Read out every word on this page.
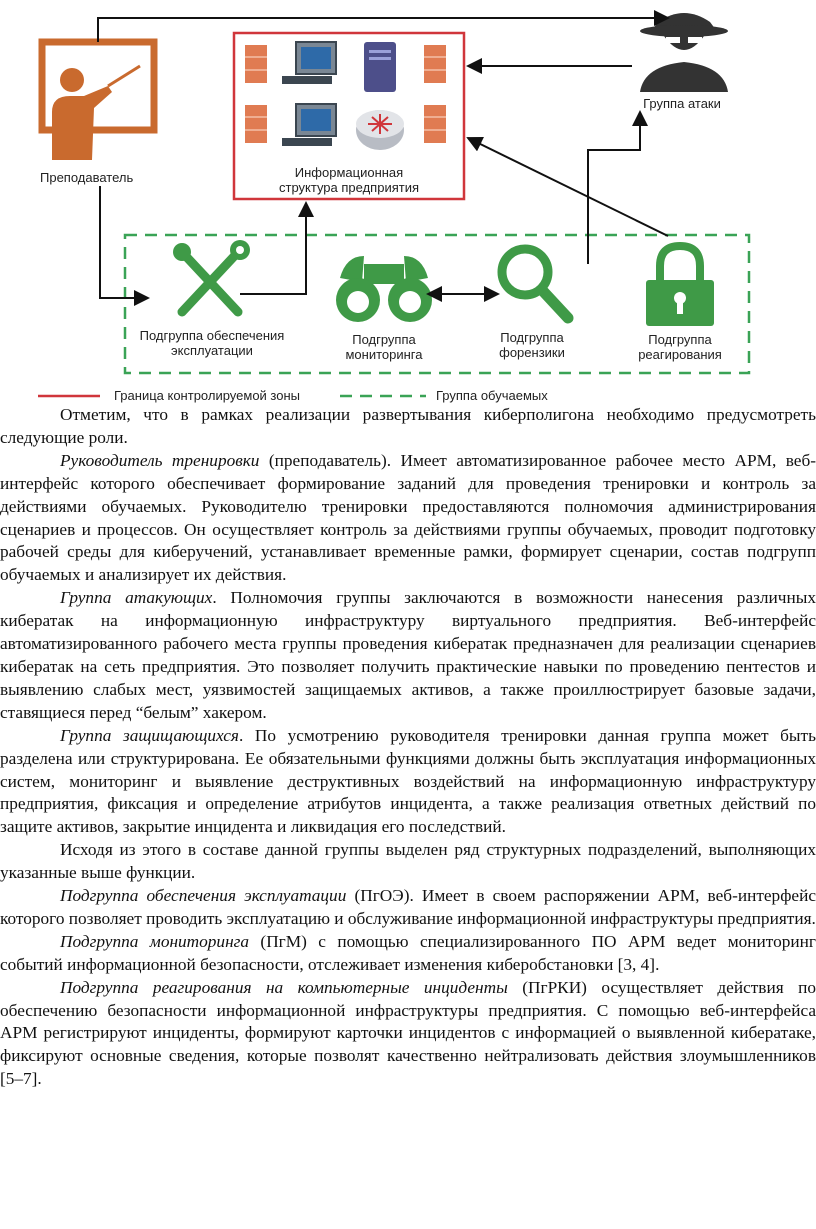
Преподаватель	Информационная
структура предприятия
Группа атаки
Подгруппа обеспечения
эксплуатации
Подгруппа
мониторинга
Подгруппа
форензики
Подгруппа
реагирования
Граница контролируемой зоны	Группа обучаемых

Отметим, что в рамках реализации развертывания киберполигона необходимо предусмотреть следующие роли.

Руководитель тренировки (преподаватель). Имеет автоматизированное рабочее место АРМ, веб-интерфейс которого обеспечивает формирование заданий для проведения тренировки и контроль за действиями обучаемых. Руководителю тренировки предоставляются полномочия администрирования сценариев и процессов. Он осуществляет контроль за действиями группы обучаемых, проводит подготовку рабочей среды для киберучений, устанавливает временные рамки, формирует сценарии, состав подгрупп обучаемых и анализирует их действия.

Группа атакующих. Полномочия группы заключаются в возможности нанесения различных кибератак на информационную инфраструктуру виртуального предприятия. Веб-интерфейс автоматизированного рабочего места группы проведения кибератак предназначен для реализации сценариев кибератак на сеть предприятия. Это позволяет получить практические навыки по проведению пентестов и выявлению слабых мест, уязвимостей защищаемых активов, а также проиллюстрирует базовые задачи, ставящиеся перед “белым” хакером.

Группа защищающихся. По усмотрению руководителя тренировки данная группа может быть разделена или структурирована. Ее обязательными функциями должны быть эксплуатация информационных систем, мониторинг и выявление деструктивных воздействий на информационную инфраструктуру предприятия, фиксация и определение атрибутов инцидента, а также реализация ответных действий по защите активов, закрытие инцидента и ликвидация его последствий.

Исходя из этого в составе данной группы выделен ряд структурных подразделений, выполняющих указанные выше функции.

Подгруппа обеспечения эксплуатации (ПгОЭ). Имеет в своем распоряжении АРМ, веб-интерфейс которого позволяет проводить эксплуатацию и обслуживание информационной инфраструктуры предприятия.

Подгруппа мониторинга (ПгМ) с помощью специализированного ПО АРМ ведет мониторинг событий информационной безопасности, отслеживает изменения киберобстановки [3, 4].

Подгруппа реагирования на компьютерные инциденты (ПгРКИ) осуществляет действия по обеспечению безопасности информационной инфраструктуры предприятия. С помощью веб-интерфейса АРМ регистрируют инциденты, формируют карточки инцидентов с информацией о выявленной кибератаке, фиксируют основные сведения, которые позволят качественно нейтрализовать действия злоумышленников [5–7].
